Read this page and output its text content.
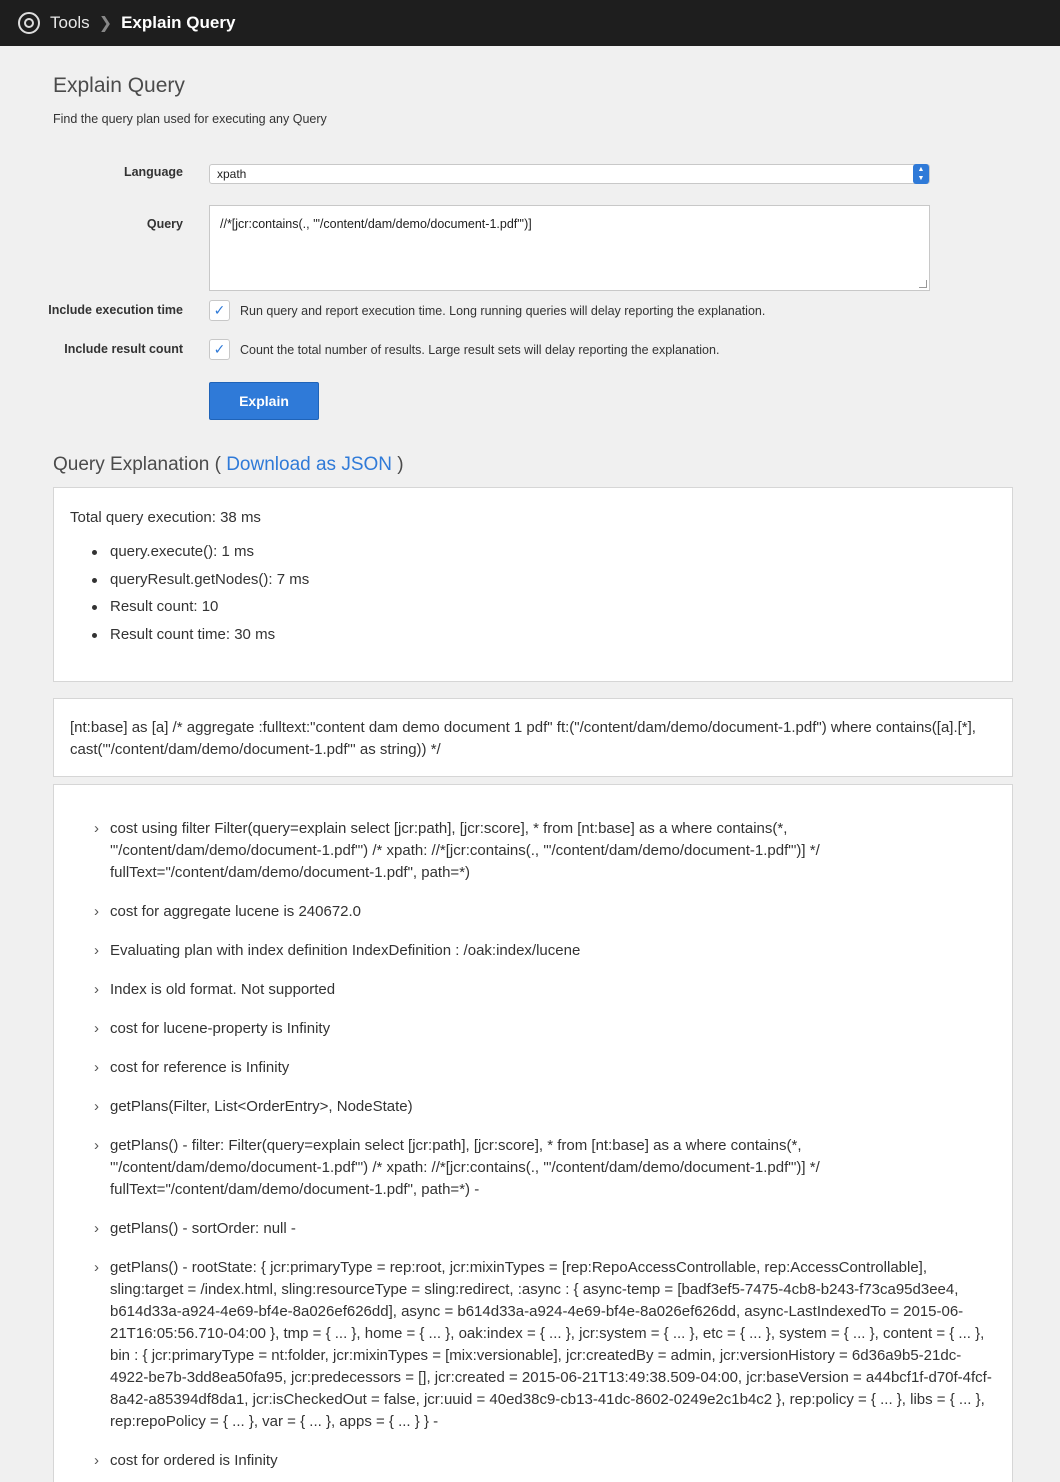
Tools ❯ Explain Query
Explain Query
Find the query plan used for executing any Query
Language	xpath	▲
▼
Query	//*[jcr:contains(., '"/content/dam/demo/document-1.pdf"')]
Include execution time	✓	Run query and report execution time. Long running queries will delay reporting the explanation.
Include result count	✓	Count the total number of results. Large result sets will delay reporting the explanation.
Explain
Query Explanation ( Download as JSON )
Total query execution: 38 ms
query.execute(): 1 ms
queryResult.getNodes(): 7 ms
Result count: 10
Result count time: 30 ms
[nt:base] as [a] /* aggregate :fulltext:"content dam demo document 1 pdf" ft:("/content/dam/demo/document-1.pdf") where contains([a].[*], cast('"/content/dam/demo/document-1.pdf"' as string)) */
› cost using filter Filter(query=explain select [jcr:path], [jcr:score], * from [nt:base] as a where contains(*, '"/content/dam/demo/document-1.pdf"') /* xpath: //*[jcr:contains(., '"/content/dam/demo/document-1.pdf"')] */ fullText="/content/dam/demo/document-1.pdf", path=*)
› cost for aggregate lucene is 240672.0
› Evaluating plan with index definition IndexDefinition : /oak:index/lucene
› Index is old format. Not supported
› cost for lucene-property is Infinity
› cost for reference is Infinity
› getPlans(Filter, List<OrderEntry>, NodeState)
› getPlans() - filter: Filter(query=explain select [jcr:path], [jcr:score], * from [nt:base] as a where contains(*, '"/content/dam/demo/document-1.pdf"') /* xpath: //*[jcr:contains(., '"/content/dam/demo/document-1.pdf"')] */ fullText="/content/dam/demo/document-1.pdf", path=*) -
› getPlans() - sortOrder: null -
› getPlans() - rootState: { jcr:primaryType = rep:root, jcr:mixinTypes = [rep:RepoAccessControllable, rep:AccessControllable], sling:target = /index.html, sling:resourceType = sling:redirect, :async : { async-temp = [badf3ef5-7475-4cb8-b243-f73ca95d3ee4, b614d33a-a924-4e69-bf4e-8a026ef626dd], async = b614d33a-a924-4e69-bf4e-8a026ef626dd, async-LastIndexedTo = 2015-06-21T16:05:56.710-04:00 }, tmp = { ... }, home = { ... }, oak:index = { ... }, jcr:system = { ... }, etc = { ... }, system = { ... }, content = { ... }, bin : { jcr:primaryType = nt:folder, jcr:mixinTypes = [mix:versionable], jcr:createdBy = admin, jcr:versionHistory = 6d36a9b5-21dc-4922-be7b-3dd8ea50fa95, jcr:predecessors = [], jcr:created = 2015-06-21T13:49:38.509-04:00, jcr:baseVersion = a44bcf1f-d70f-4fcf-8a42-a85394df8da1, jcr:isCheckedOut = false, jcr:uuid = 40ed38c9-cb13-41dc-8602-0249e2c1b4c2 }, rep:policy = { ... }, libs = { ... }, rep:repoPolicy = { ... }, var = { ... }, apps = { ... } } -
› cost for ordered is Infinity
